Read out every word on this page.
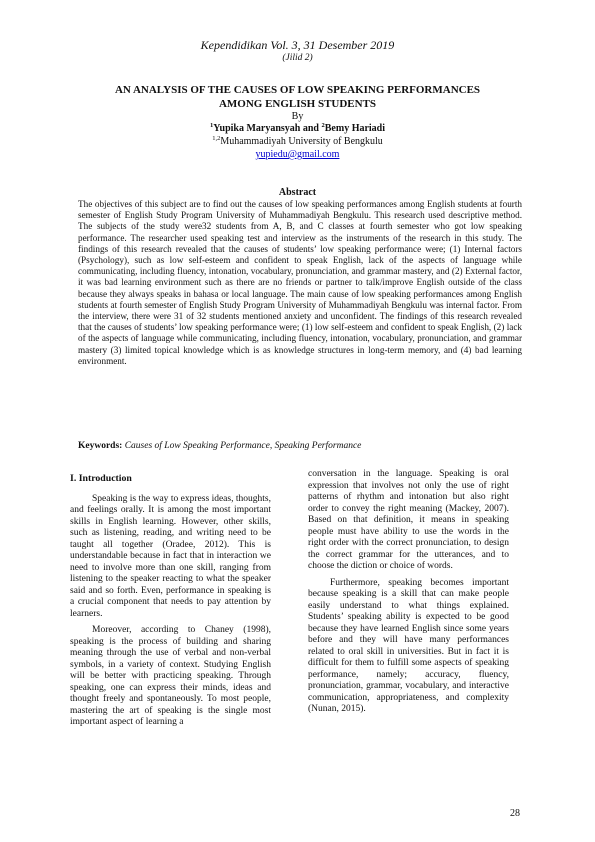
Kependidikan Vol. 3, 31 Desember 2019
(Jilid 2)
AN ANALYSIS OF THE CAUSES OF LOW SPEAKING PERFORMANCES
AMONG ENGLISH STUDENTS
By
$^1$Yupika Maryansyah and $^2$Bemy Hariadi
$^{1,2}$Muhammadiyah University of Bengkulu
yupiedu@gmail.com
Abstract

The objectives of this subject are to find out the causes of low speaking performances among English students at fourth semester of English Study Program University of Muhammadiyah Bengkulu. This research used descriptive method. The subjects of the study were32 students from A, B, and C classes at fourth semester who got low speaking performance. The researcher used speaking test and interview as the instruments of the research in this study. The findings of this research revealed that the causes of students’ low speaking performance were; (1) Internal factors (Psychology), such as low self-esteem and confident to speak English, lack of the aspects of language while communicating, including fluency, intonation, vocabulary, pronunciation, and grammar mastery, and (2) External factor, it was bad learning environment such as there are no friends or partner to talk/improve English outside of the class because they always speaks in bahasa or local language. The main cause of low speaking performances among English students at fourth semester of English Study Program University of Muhammadiyah Bengkulu was internal factor. From the interview, there were 31 of 32 students mentioned anxiety and unconfident. The findings of this research revealed that the causes of students’ low speaking performance were; (1) low self-esteem and confident to speak English, (2) lack of the aspects of language while communicating, including fluency, intonation, vocabulary, pronunciation, and grammar mastery (3) limited topical knowledge which is as knowledge structures in long-term memory, and (4) bad learning environment.

Keywords: Causes of Low Speaking Performance, Speaking Performance
I. Introduction

Speaking is the way to express ideas, thoughts, and feelings orally. It is among the most important skills in English learning. However, other skills, such as listening, reading, and writing need to be taught all together (Oradee, 2012). This is understandable because in fact that in interaction we need to involve more than one skill, ranging from listening to the speaker reacting to what the speaker said and so forth. Even, performance in speaking is a crucial component that needs to pay attention by learners.

Moreover, according to Chaney (1998), speaking is the process of building and sharing meaning through the use of verbal and non-verbal symbols, in a variety of context. Studying English will be better with practicing speaking. Through speaking, one can express their minds, ideas and thought freely and spontaneously. To most people, mastering the art of speaking is the single most important aspect of learning a

conversation in the language. Speaking is oral expression that involves not only the use of right patterns of rhythm and intonation but also right order to convey the right meaning (Mackey, 2007). Based on that definition, it means in speaking people must have ability to use the words in the right order with the correct pronunciation, to design the correct grammar for the utterances, and to choose the diction or choice of words.

Furthermore, speaking becomes important because speaking is a skill that can make people easily understand to what things explained. Students’ speaking ability is expected to be good because they have learned English since some years before and they will have many performances related to oral skill in universities. But in fact it is difficult for them to fulfill some aspects of speaking performance, namely; accuracy, fluency, pronunciation, grammar, vocabulary, and interactive communication, appropriateness, and complexity (Nunan, 2015).

28
